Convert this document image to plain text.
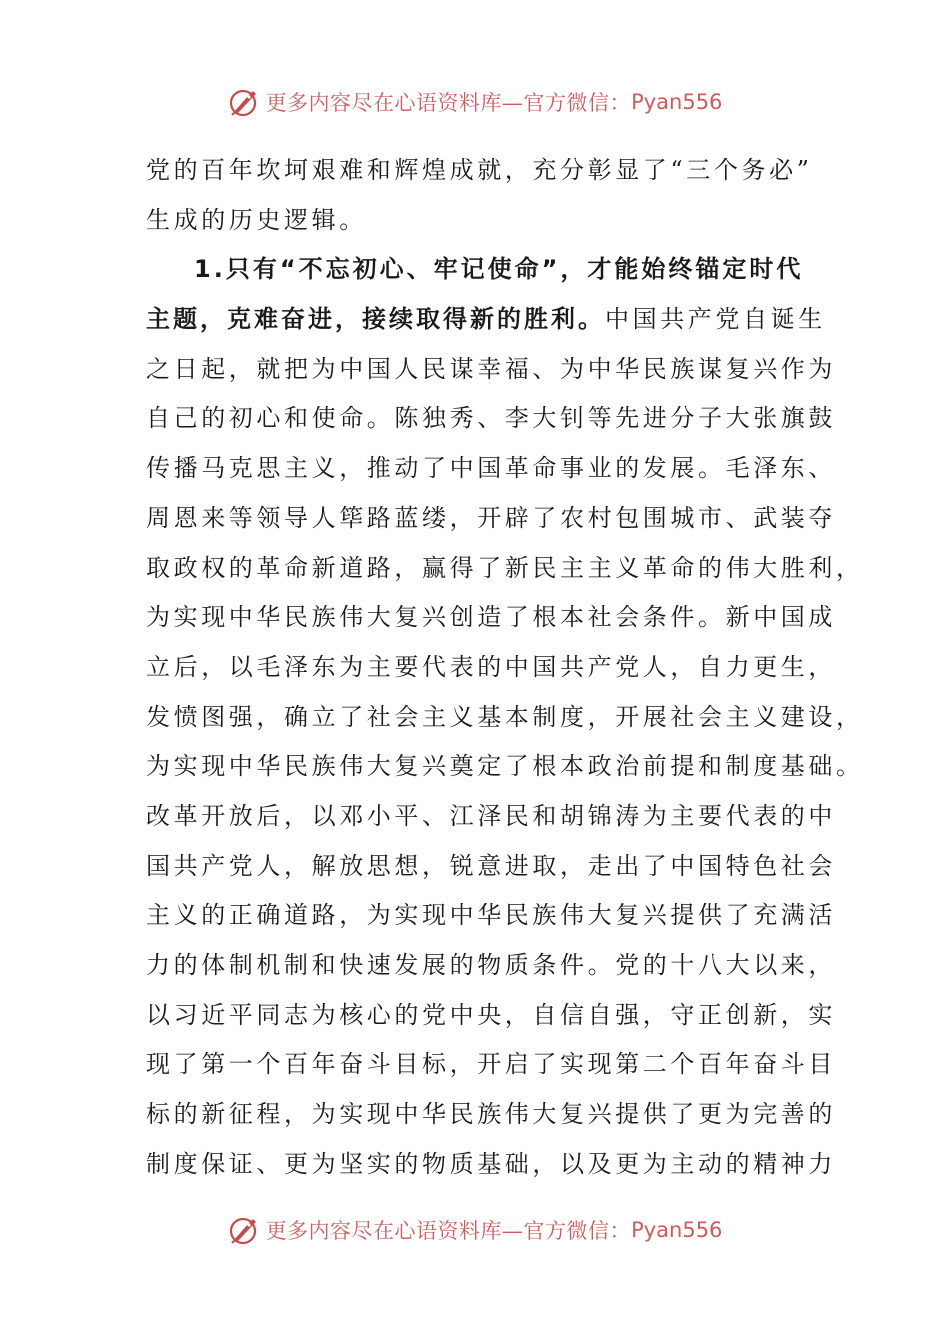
更多内容尽在心语资料库—官方微信： Pyan556
党的百年坎坷艰难和辉煌成就，充分彰显了“三个务必”
生成的历史逻辑。
1.只有“不忘初心、牢记使命”，才能始终锚定时代
主题，克难奋进，接续取得新的胜利。中国共产党自诞生
之日起，就把为中国人民谋幸福、为中华民族谋复兴作为
自己的初心和使命。陈独秀、李大钊等先进分子大张旗鼓
传播马克思主义，推动了中国革命事业的发展。毛泽东、
周恩来等领导人筚路蓝缕，开辟了农村包围城市、武装夺
取政权的革命新道路，赢得了新民主主义革命的伟大胜利，
为实现中华民族伟大复兴创造了根本社会条件。新中国成
立后，以毛泽东为主要代表的中国共产党人，自力更生，
发愤图强，确立了社会主义基本制度，开展社会主义建设，
为实现中华民族伟大复兴奠定了根本政治前提和制度基础。
改革开放后，以邓小平、江泽民和胡锦涛为主要代表的中
国共产党人，解放思想，锐意进取，走出了中国特色社会
主义的正确道路，为实现中华民族伟大复兴提供了充满活
力的体制机制和快速发展的物质条件。党的十八大以来，
以习近平同志为核心的党中央，自信自强，守正创新，实
现了第一个百年奋斗目标，开启了实现第二个百年奋斗目
标的新征程，为实现中华民族伟大复兴提供了更为完善的
制度保证、更为坚实的物质基础，以及更为主动的精神力
更多内容尽在心语资料库—官方微信： Pyan556
